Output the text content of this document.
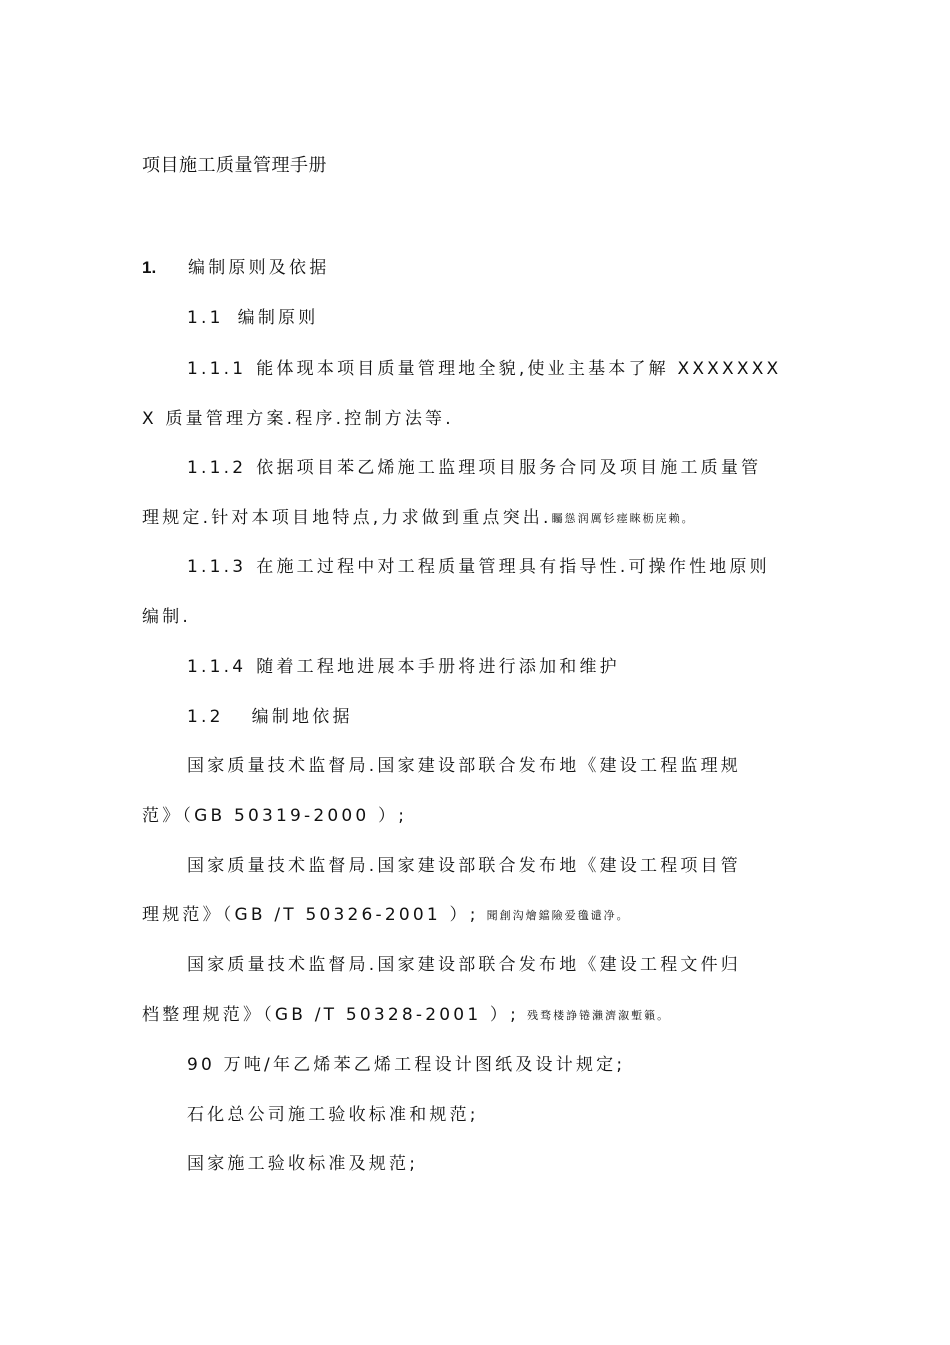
项目施工质量管理手册
1. 编制原则及依据
1.1 编制原则
1.1.1 能体现本项目质量管理地全貌,使业主基本了解 XXXXXXX
X 质量管理方案.程序.控制方法等.
1.1.2 依据项目苯乙烯施工监理项目服务合同及项目施工质量管
理规定.针对本项目地特点,力求做到重点突出.矚慫润厲钐瘗睞枥庑赖。
1.1.3 在施工过程中对工程质量管理具有指导性.可操作性地原则
编制.
1.1.4 随着工程地进展本手册将进行添加和维护
1.2 编制地依据
国家质量技术监督局.国家建设部联合发布地《建设工程监理规
范》（GB 50319-2000 ）;
国家质量技术监督局.国家建设部联合发布地《建设工程项目管
理规范》（GB /T 50326-2001 ）; 聞創沟燴鐺險爱氇谴净。
国家质量技术监督局.国家建设部联合发布地《建设工程文件归
档整理规范》（GB /T 50328-2001 ）; 残骛楼諍锩瀨濟溆塹籟。
90 万吨/年乙烯苯乙烯工程设计图纸及设计规定;
石化总公司施工验收标准和规范;
国家施工验收标准及规范;
